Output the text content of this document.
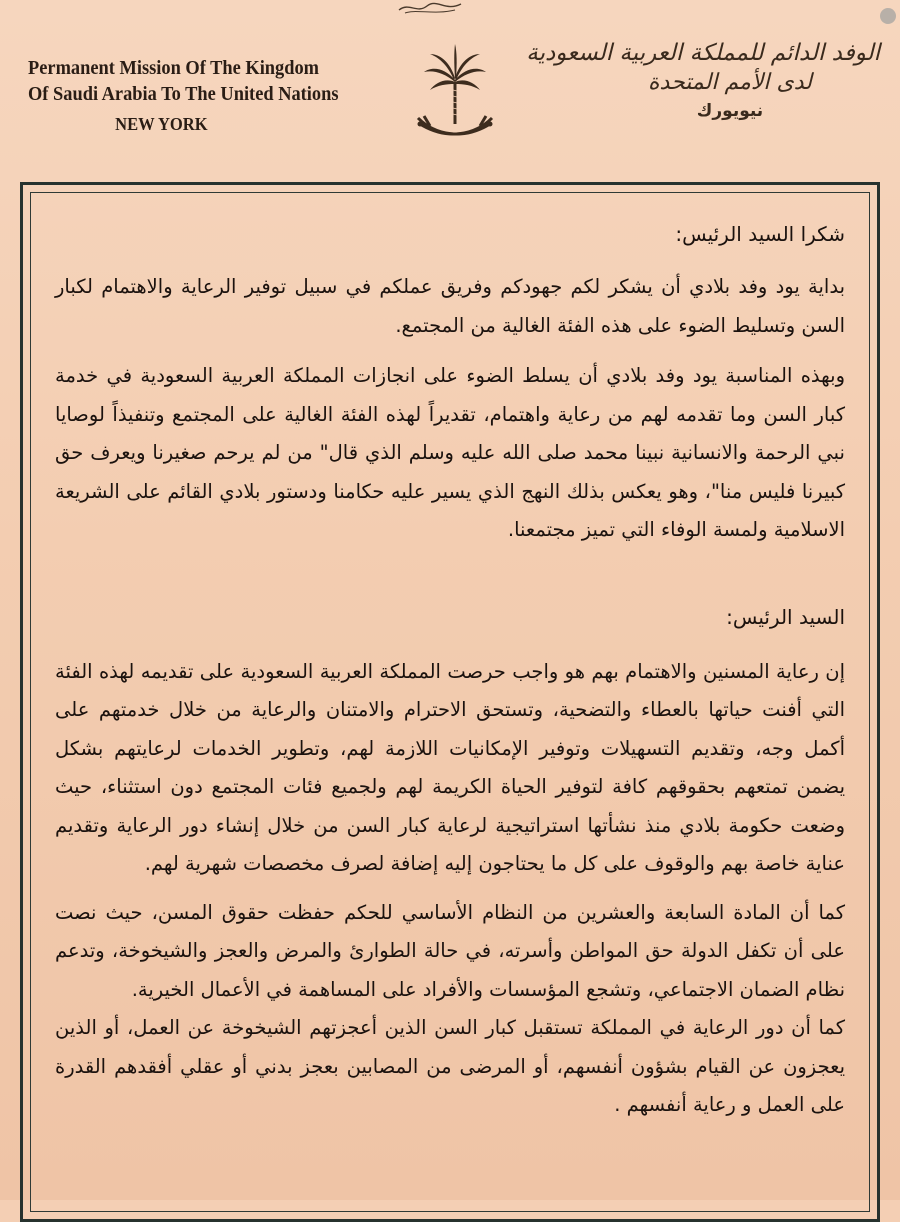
Permanent Mission Of The Kingdom
Of Saudi Arabia To The United Nations
NEW YORK
الوفد الدائم للمملكة العربية السعودية
لدى الأمم المتحدة
نيويورك

شكرا السيد الرئيس:

بداية يود وفد بلادي أن يشكر لكم جهودكم وفريق عملكم في سبيل توفير الرعاية والاهتمام لكبار السن وتسليط الضوء على هذه الفئة الغالية من المجتمع.

وبهذه المناسبة يود وفد بلادي أن يسلط الضوء على انجازات المملكة العربية السعودية في خدمة كبار السن وما تقدمه لهم من رعاية واهتمام، تقديراً لهذه الفئة الغالية على المجتمع وتنفيذاً لوصايا نبي الرحمة والانسانية نبينا محمد صلى الله عليه وسلم الذي قال" من لم يرحم صغيرنا ويعرف حق كبيرنا فليس منا"، وهو يعكس بذلك النهج الذي يسير عليه حكامنا ودستور بلادي القائم على الشريعة الاسلامية ولمسة الوفاء التي تميز مجتمعنا.

السيد الرئيس:

إن رعاية المسنين والاهتمام بهم هو واجب حرصت المملكة العربية السعودية على تقديمه لهذه الفئة التي أفنت حياتها بالعطاء والتضحية، وتستحق الاحترام والامتنان والرعاية من خلال خدمتهم على أكمل وجه، وتقديم التسهيلات وتوفير الإمكانيات اللازمة لهم، وتطوير الخدمات لرعايتهم بشكل يضمن تمتعهم بحقوقهم كافة لتوفير الحياة الكريمة لهم ولجميع فئات المجتمع دون استثناء، حيث وضعت حكومة بلادي منذ نشأتها استراتيجية لرعاية كبار السن من خلال إنشاء دور الرعاية وتقديم عناية خاصة بهم والوقوف على كل ما يحتاجون إليه إضافة لصرف مخصصات شهرية لهم.

كما أن المادة السابعة والعشرين من النظام الأساسي للحكم حفظت حقوق المسن، حيث نصت على أن تكفل الدولة حق المواطن وأسرته، في حالة الطوارئ والمرض والعجز والشيخوخة، وتدعم نظام الضمان الاجتماعي، وتشجع المؤسسات والأفراد على المساهمة في الأعمال الخيرية.

كما أن دور الرعاية في المملكة تستقبل كبار السن الذين أعجزتهم الشيخوخة عن العمل، أو الذين يعجزون عن القيام بشؤون أنفسهم، أو المرضى من المصابين بعجز بدني أو عقلي أفقدهم القدرة على العمل و رعاية أنفسهم .
